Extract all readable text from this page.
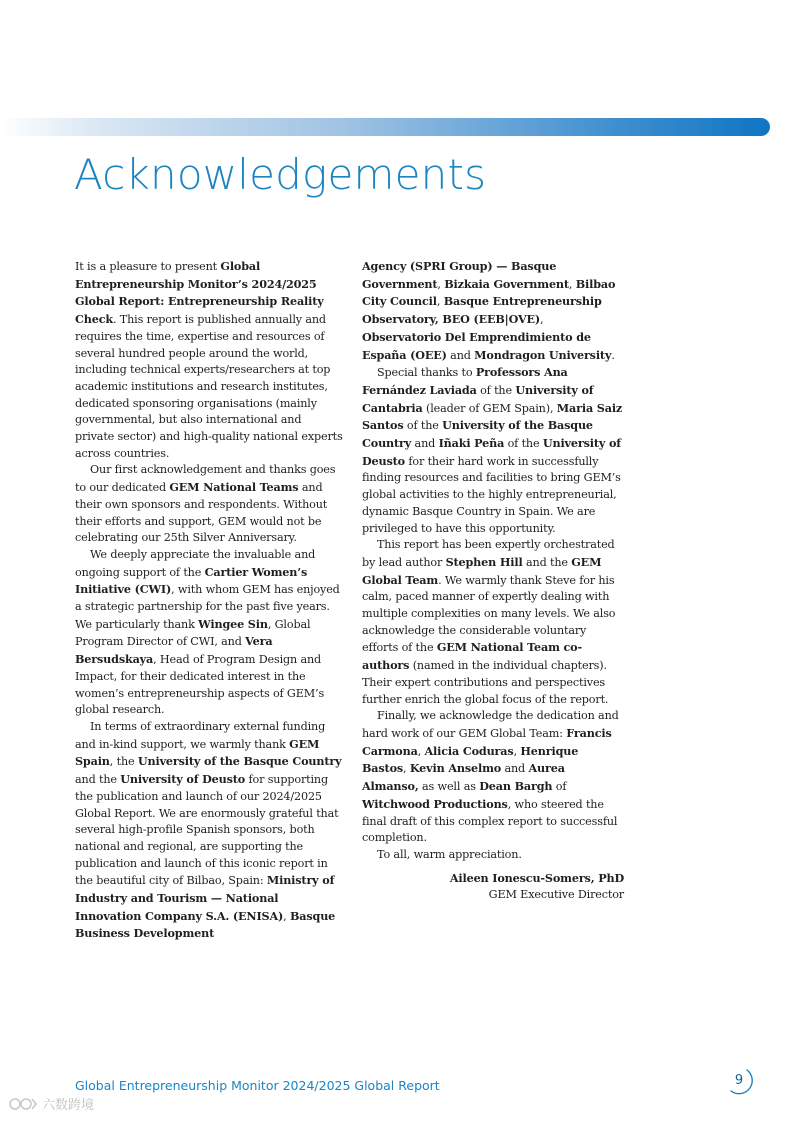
Acknowledgements

It is a pleasure to present Global Entrepreneurship Monitor’s 2024/2025 Global Report: Entrepreneurship Reality Check. This report is published annually and requires the time, expertise and resources of several hundred people around the world, including technical experts/researchers at top academic institutions and research institutes, dedicated sponsoring organisations (mainly governmental, but also international and private sector) and high-quality national experts across countries.

Our first acknowledgement and thanks goes to our dedicated GEM National Teams and their own sponsors and respondents. Without their efforts and support, GEM would not be celebrating our 25th Silver Anniversary.

We deeply appreciate the invaluable and ongoing support of the Cartier Women’s Initiative (CWI), with whom GEM has enjoyed a strategic partnership for the past five years. We particularly thank Wingee Sin, Global Program Director of CWI, and Vera Bersudskaya, Head of Program Design and Impact, for their dedicated interest in the women’s entrepreneurship aspects of GEM’s global research.

In terms of extraordinary external funding and in-kind support, we warmly thank GEM Spain, the University of the Basque Country and the University of Deusto for supporting the publication and launch of our 2024/2025 Global Report. We are enormously grateful that several high-profile Spanish sponsors, both national and regional, are supporting the publication and launch of this iconic report in the beautiful city of Bilbao, Spain: Ministry of Industry and Tourism — National Innovation Company S.A. (ENISA), Basque Business Development

Agency (SPRI Group) — Basque Government, Bizkaia Government, Bilbao City Council, Basque Entrepreneurship Observatory, BEO (EEB|OVE), Observatorio Del Emprendimiento de España (OEE) and Mondragon University.

Special thanks to Professors Ana Fernández Laviada of the University of Cantabria (leader of GEM Spain), Maria Saiz Santos of the University of the Basque Country and Iñaki Peña of the University of Deusto for their hard work in successfully finding resources and facilities to bring GEM’s global activities to the highly entrepreneurial, dynamic Basque Country in Spain. We are privileged to have this opportunity.

This report has been expertly orchestrated by lead author Stephen Hill and the GEM Global Team. We warmly thank Steve for his calm, paced manner of expertly dealing with multiple complexities on many levels. We also acknowledge the considerable voluntary efforts of the GEM National Team co-authors (named in the individual chapters). Their expert contributions and perspectives further enrich the global focus of the report.

Finally, we acknowledge the dedication and hard work of our GEM Global Team: Francis Carmona, Alicia Coduras, Henrique Bastos, Kevin Anselmo and Aurea Almanso, as well as Dean Bargh of Witchwood Productions, who steered the final draft of this complex report to successful completion.

To all, warm appreciation.

Aileen Ionescu-Somers, PhD
GEM Executive Director

Global Entrepreneurship Monitor 2024/2025 Global Report	9
六数跨境
